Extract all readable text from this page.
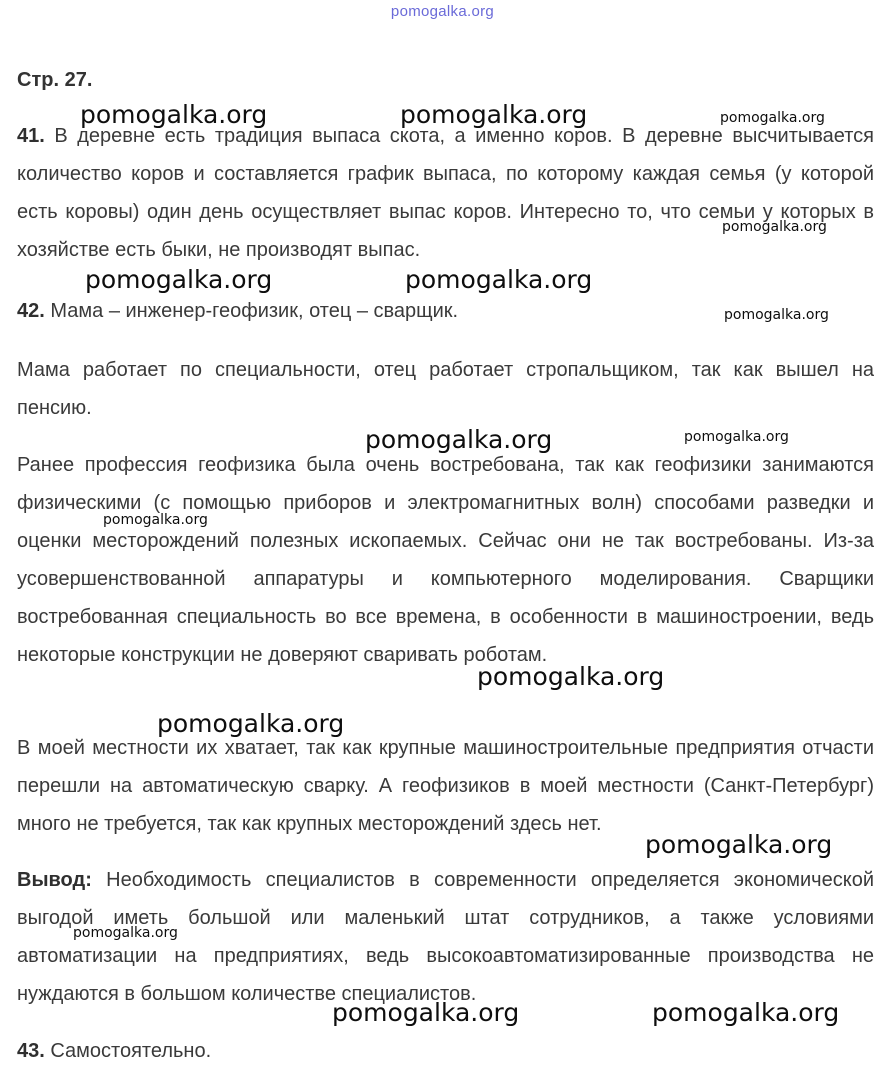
pomogalka.org
Стр. 27.

41. В деревне есть традиция выпаса скота, а именно коров. В деревне высчитывается количество коров и составляется график выпаса, по которому каждая семья (у которой есть коровы) один день осуществляет выпас коров. Интересно то, что семьи у которых в хозяйстве есть быки, не производят выпас.

42. Мама – инженер-геофизик, отец – сварщик.

Мама работает по специальности, отец работает стропальщиком, так как вышел на пенсию.

Ранее профессия геофизика была очень востребована, так как геофизики занимаются физическими (с помощью приборов и электромагнитных волн) способами разведки и оценки месторождений полезных ископаемых. Сейчас они не так востребованы. Из-за усовершенствованной аппаратуры и компьютерного моделирования. Сварщики востребованная специальность во все времена, в особенности в машиностроении, ведь некоторые конструкции не доверяют сваривать роботам.

В моей местности их хватает, так как крупные машиностроительные предприятия отчасти перешли на автоматическую сварку. А геофизиков в моей местности (Санкт-Петербург) много не требуется, так как крупных месторождений здесь нет.

Вывод: Необходимость специалистов в современности определяется экономической выгодой иметь большой или маленький штат сотрудников, а также условиями автоматизации на предприятиях, ведь высокоавтоматизированные производства не нуждаются в большом количестве специалистов.

43. Самостоятельно.

pomogalka.org	pomogalka.org	pomogalka.org
pomogalka.org	pomogalka.org
pomogalka.org
pomogalka.org
pomogalka.org	pomogalka.org
pomogalka.org
pomogalka.org
pomogalka.org
pomogalka.org
pomogalka.org
pomogalka.org	pomogalka.org
